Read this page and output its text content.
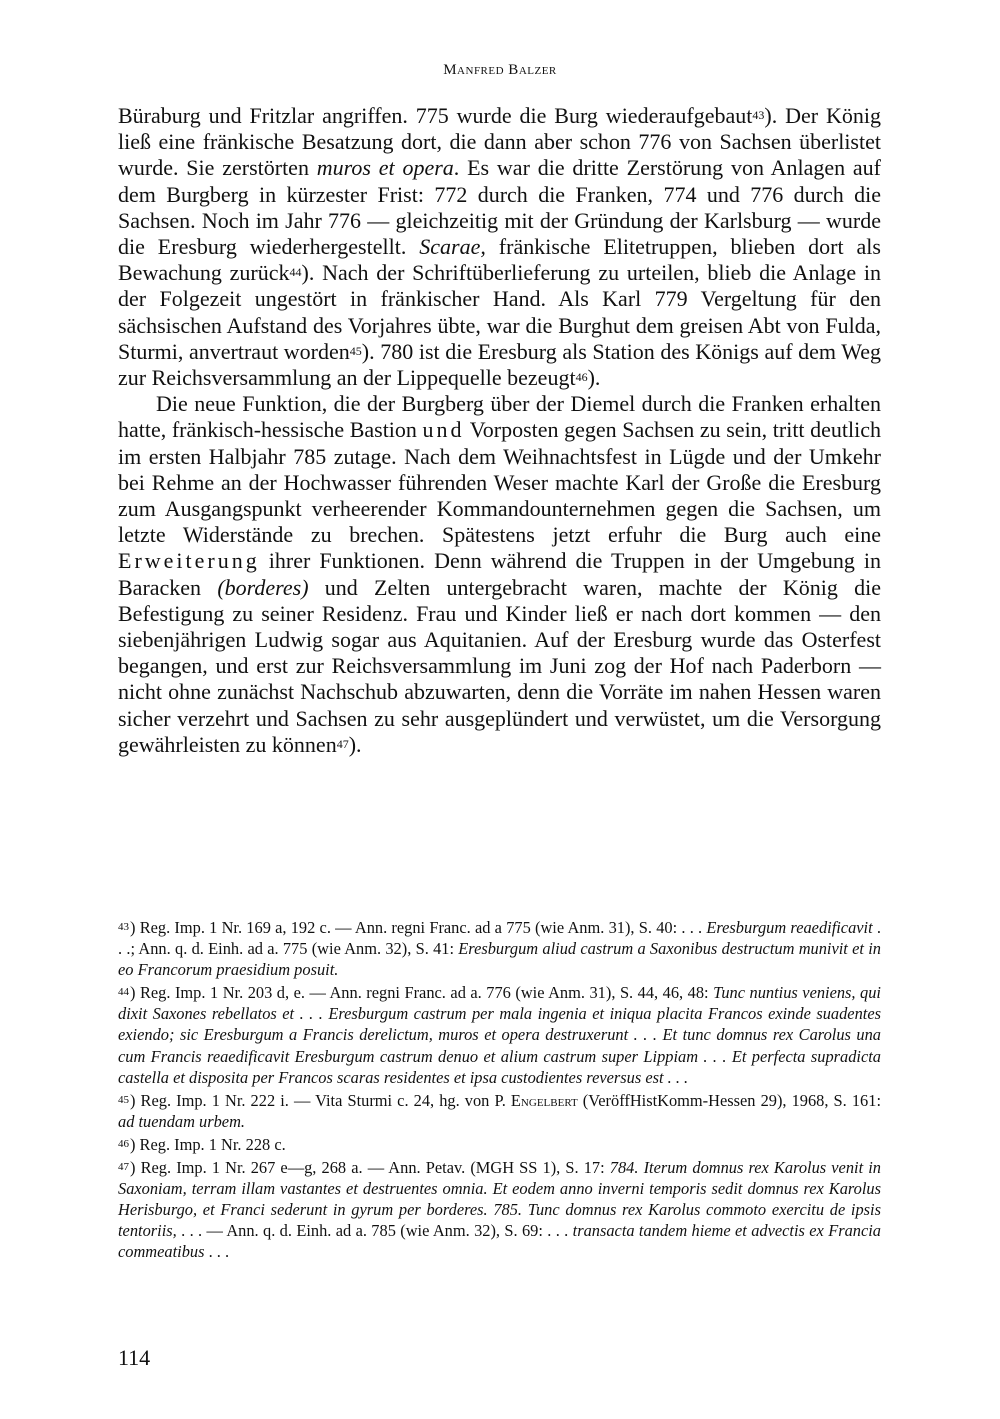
Manfred Balzer

Büraburg und Fritzlar angriffen. 775 wurde die Burg wiederaufgebaut$^{43}$). Der König ließ eine fränkische Besatzung dort, die dann aber schon 776 von Sachsen überlistet wurde. Sie zerstörten muros et opera. Es war die dritte Zerstörung von Anlagen auf dem Burgberg in kürzester Frist: 772 durch die Franken, 774 und 776 durch die Sachsen. Noch im Jahr 776 — gleichzeitig mit der Gründung der Karlsburg — wurde die Eresburg wiederhergestellt. Scarae, fränkische Elitetruppen, blieben dort als Bewachung zurück$^{44}$). Nach der Schriftüberlieferung zu urteilen, blieb die Anlage in der Folgezeit ungestört in fränkischer Hand. Als Karl 779 Vergeltung für den sächsischen Aufstand des Vorjahres übte, war die Burghut dem greisen Abt von Fulda, Sturmi, anvertraut worden$^{45}$). 780 ist die Eresburg als Station des Königs auf dem Weg zur Reichsversammlung an der Lippequelle bezeugt$^{46}$).

Die neue Funktion, die der Burgberg über der Diemel durch die Franken erhalten hatte, fränkisch-hessische Bastion und Vorposten gegen Sachsen zu sein, tritt deutlich im ersten Halbjahr 785 zutage. Nach dem Weihnachtsfest in Lügde und der Umkehr bei Rehme an der Hochwasser führenden Weser machte Karl der Große die Eresburg zum Ausgangspunkt verheerender Kommandounternehmen gegen die Sachsen, um letzte Widerstände zu brechen. Spätestens jetzt erfuhr die Burg auch eine Erweiterung ihrer Funktionen. Denn während die Truppen in der Umgebung in Baracken (borderes) und Zelten untergebracht waren, machte der König die Befestigung zu seiner Residenz. Frau und Kinder ließ er nach dort kommen — den siebenjährigen Ludwig sogar aus Aquitanien. Auf der Eresburg wurde das Osterfest begangen, und erst zur Reichsversammlung im Juni zog der Hof nach Paderborn — nicht ohne zunächst Nachschub abzuwarten, denn die Vorräte im nahen Hessen waren sicher verzehrt und Sachsen zu sehr ausgeplündert und verwüstet, um die Versorgung gewährleisten zu können$^{47}$).

$^{43}$) Reg. Imp. 1 Nr. 169 a, 192 c. — Ann. regni Franc. ad a 775 (wie Anm. 31), S. 40: . . . Eresburgum reaedificavit . . .; Ann. q. d. Einh. ad a. 775 (wie Anm. 32), S. 41: Eresburgum aliud castrum a Saxonibus destructum munivit et in eo Francorum praesidium posuit.

$^{44}$) Reg. Imp. 1 Nr. 203 d, e. — Ann. regni Franc. ad a. 776 (wie Anm. 31), S. 44, 46, 48: Tunc nuntius veniens, qui dixit Saxones rebellatos et . . . Eresburgum castrum per mala ingenia et iniqua placita Francos exinde suadentes exiendo; sic Eresburgum a Francis derelictum, muros et opera destruxerunt . . . Et tunc domnus rex Carolus una cum Francis reaedificavit Eresburgum castrum denuo et alium castrum super Lippiam . . . Et perfecta supradicta castella et disposita per Francos scaras residentes et ipsa custodientes reversus est . . .

$^{45}$) Reg. Imp. 1 Nr. 222 i. — Vita Sturmi c. 24, hg. von P. Engelbert (VeröffHistKomm-Hessen 29), 1968, S. 161: ad tuendam urbem.

$^{46}$) Reg. Imp. 1 Nr. 228 c.

$^{47}$) Reg. Imp. 1 Nr. 267 e—g, 268 a. — Ann. Petav. (MGH SS 1), S. 17: 784. Iterum domnus rex Karolus venit in Saxoniam, terram illam vastantes et destruentes omnia. Et eodem anno inverni temporis sedit domnus rex Karolus Herisburgo, et Franci sederunt in gyrum per borderes. 785. Tunc domnus rex Karolus commoto exercitu de ipsis tentoriis, . . . — Ann. q. d. Einh. ad a. 785 (wie Anm. 32), S. 69: . . . transacta tandem hieme et advectis ex Francia commeatibus . . .

114
